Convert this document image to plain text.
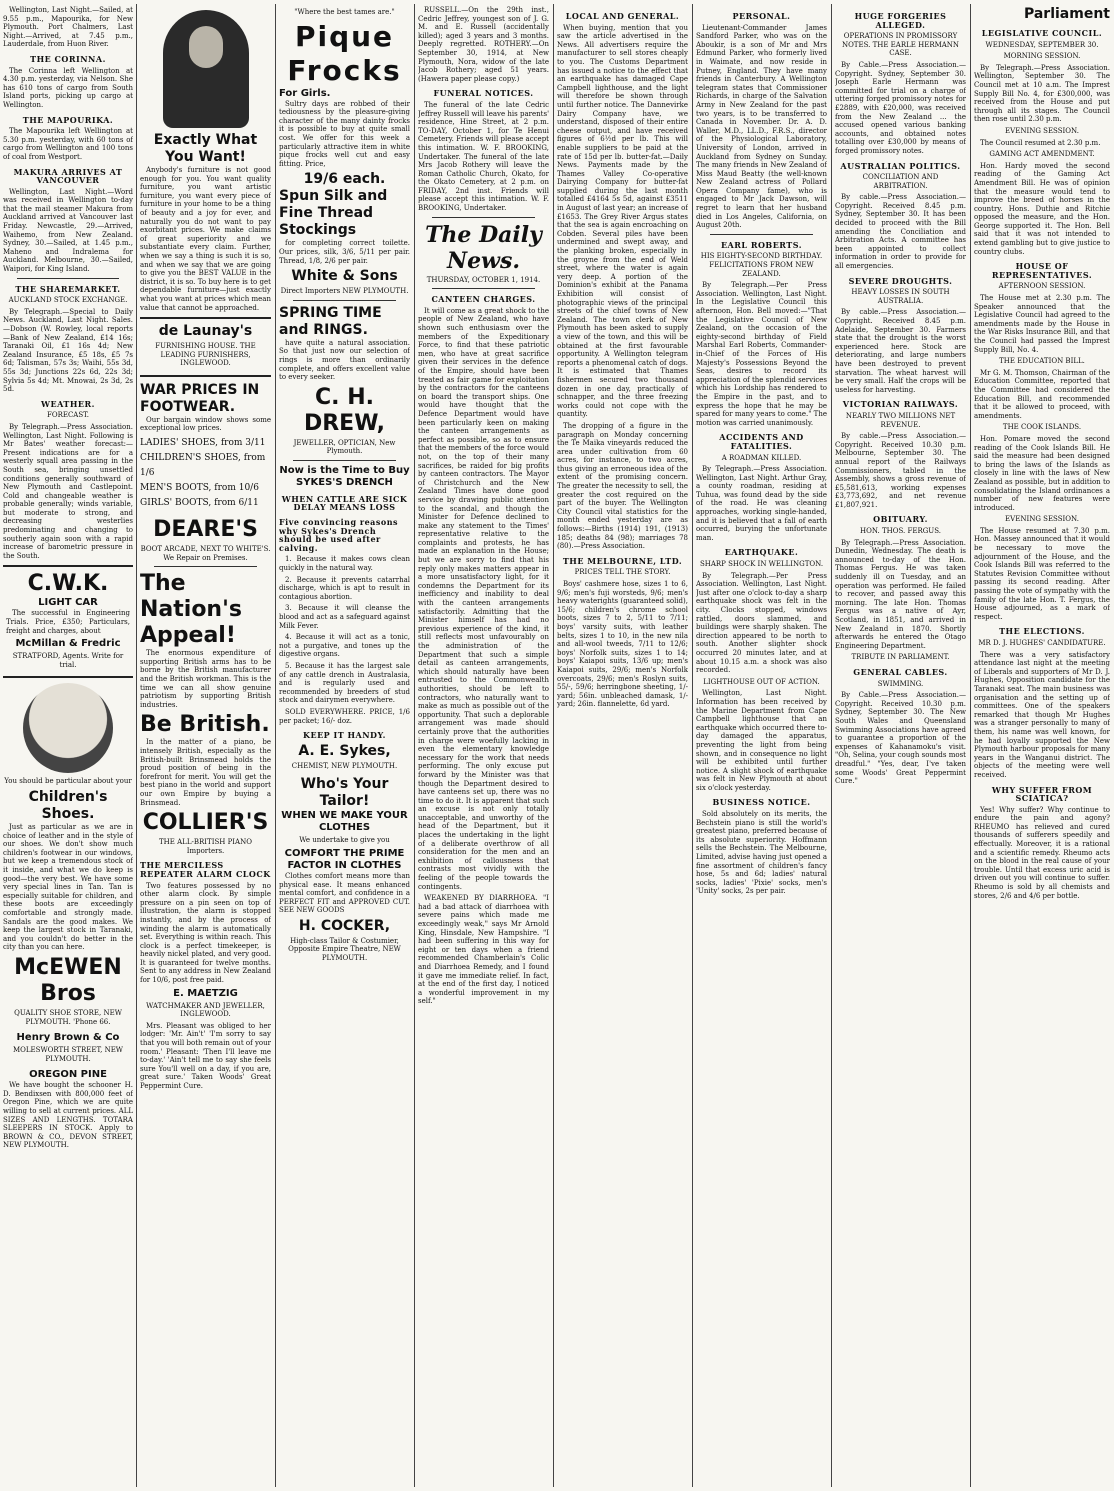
Wellington, Last Night.—Sailed, at 9.55 p.m., Mapourika, for New Plymouth. Port Chalmers, Last Night.—Arrived, at 7.45 p.m., Lauderdale, from Huon River.

THE CORINNA.

The Corinna left Wellington at 4.30 p.m. yesterday, via Nelson. She has 610 tons of cargo from South Island ports, picking up cargo at Wellington.

THE MAPOURIKA.

The Mapourika left Wellington at 5.30 p.m. yesterday, with 60 tons of cargo from Wellington and 100 tons of coal from Westport.

MAKURA ARRIVES AT VANCOUVER

Wellington, Last Night.—Word was received in Wellington to-day that the mail steamer Makura from Auckland arrived at Vancouver last Friday. Newcastle, 29.—Arrived, Waihemo, from New Zealand. Sydney, 30.—Sailed, at 1.45 p.m., Maheno and Indralema for Auckland. Melbourne, 30.—Sailed, Waipori, for King Island.

THE SHAREMARKET.
AUCKLAND STOCK EXCHANGE.

By Telegraph.—Special to Daily News. Auckland, Last Night. Sales.—Dobson (W. Rowley, local reports—Bank of New Zealand, £14 16s; Taranaki Oil, £1 16s 4d; New Zealand Insurance, £5 18s, £5 7s 6d; Talisman, 57s 3s; Waihi, 55s 3d, 55s 3d; Junctions 22s 6d, 22s 3d; Sylvia 5s 4d; Mt. Mnowai, 2s 3d, 2s 5d.

WEATHER.
FORECAST.

By Telegraph.—Press Association. Wellington, Last Night. Following is Mr Bates' weather forecast:— Present indications are for a westerly squall area passing in the South sea, bringing unsettled conditions generally southward of New Plymouth and Castlepoint. Cold and changeable weather is probable generally; winds variable, but moderate to strong, and decreasing westerlies predominating and changing to southerly again soon with a rapid increase of barometric pressure in the South.

C.W.K.
LIGHT CAR

The successful in Engineering Trials. Price, £350; Particulars, freight and charges, about

McMillan & Fredric
STRATFORD, Agents. Write for trial.
You should be particular about your
Children's Shoes.

Just as particular as we are in choice of leather and in the style of our shoes. We don't show much children's footwear in our windows, but we keep a tremendous stock of it inside, and what we do keep is good—the very best. We have some very special lines in Tan. Tan is especially suitable for children, and these boots are exceedingly comfortable and strongly made. Sandals are the good makes. We keep the largest stock in Taranaki, and you couldn't do better in the city than you can here.

McEWEN Bros
QUALITY SHOE STORE, NEW PLYMOUTH. 'Phone 66.
Henry Brown & Co
MOLESWORTH STREET, NEW PLYMOUTH.
OREGON PINE

We have bought the schooner H. D. Bendixsen with 800,000 feet of Oregon Pine, which we are quite willing to sell at current prices. ALL SIZES AND LENGTHS. TOTARA SLEEPERS IN STOCK. Apply to BROWN & CO., DEVON STREET, NEW PLYMOUTH.

Exactly What You Want!

Anybody's furniture is not good enough for you. You want quality furniture, you want artistic furniture, you want every piece of furniture in your home to be a thing of beauty and a joy for ever, and naturally you do not want to pay exorbitant prices. We make claims of great superiority and we substantiate every claim. Further, when we say a thing is such it is so, and when we say that we are going to give you the BEST VALUE in the district, it is so. To buy here is to get dependable furniture—just exactly what you want at prices which mean value that cannot be approached.

de Launay's
FURNISHING HOUSE. THE LEADING FURNISHERS, INGLEWOOD.
WAR PRICES IN FOOTWEAR.

Our bargain window shows some exceptional low prices.

LADIES' SHOES, from 3/11
CHILDREN'S SHOES, from 1/6
MEN'S BOOTS, from 10/6
GIRLS' BOOTS, from 6/11
DEARE'S
BOOT ARCADE, NEXT TO WHITE'S. We Repair on Premises.
The Nation's Appeal!

The enormous expenditure of supporting British arms has to be borne by the British manufacturer and the British workman. This is the time we can all show genuine patriotism by supporting British industries.

Be British.

In the matter of a piano, be intensely British, especially as the British-built Brinsmead holds the proud position of being in the forefront for merit. You will get the best piano in the world and support our own Empire by buying a Brinsmead.

COLLIER'S
THE ALL-BRITISH PIANO Importers.
THE MERCILESS REPEATER ALARM CLOCK

Two features possessed by no other alarm clock. By simple pressure on a pin seen on top of illustration, the alarm is stopped instantly, and by the process of winding the alarm is automatically set. Everything is within reach. This clock is a perfect timekeeper, is heavily nickel plated, and very good. It is guaranteed for twelve months. Sent to any address in New Zealand for 10/6, post free paid.

E. MAETZIG
WATCHMAKER AND JEWELLER, INGLEWOOD.

Mrs. Pleasant was obliged to her lodger: 'Mr. Ain't' 'I'm sorry to say that you will both remain out of your room.' Pleasant: 'Then I'll leave me to-day.' 'Ain't tell me to say she feels sure You'll well on a day, if you are, great sure.' Taken Woods' Great Peppermint Cure.

"Where the best tames are."
Pique Frocks
For Girls.

Sultry days are robbed of their tediousness by the pleasure-giving character of the many dainty frocks it is possible to buy at quite small cost. We offer for this week a particularly attractive item in white pique frocks well cut and easy fitting. Price,

19/6 each.
Spun Silk and Fine Thread Stockings

for completing correct toilette. Our prices, silk, 3/6, 5/11 per pair. Thread, 1/8, 2/6 per pair.

White & Sons
Direct Importers NEW PLYMOUTH.
SPRING TIME and RINGS.

have quite a natural association. So that just now our selection of rings is more than ordinarily complete, and offers excellent value to every seeker.

C. H. DREW,
JEWELLER, OPTICIAN, New Plymouth.
Now is the Time to Buy SYKES'S DRENCH
WHEN CATTLE ARE SICK DELAY MEANS LOSS
Five convincing reasons why Sykes's Drench should be used after calving.

1. Because it makes cows clean quickly in the natural way.

2. Because it prevents catarrhal discharge, which is apt to result in contagious abortion.

3. Because it will cleanse the blood and act as a safeguard against Milk Fever.

4. Because it will act as a tonic, not a purgative, and tones up the digestive organs.

5. Because it has the largest sale of any cattle drench in Australasia, and is regularly used and recommended by breeders of stud stock and dairymen everywhere.

SOLD EVERYWHERE. PRICE, 1/6 per packet; 16/- doz.

KEEP IT HANDY.
A. E. Sykes,
CHEMIST, NEW PLYMOUTH.
Who's Your Tailor!
WHEN WE MAKE YOUR CLOTHES
We undertake to give you
COMFORT THE PRIME FACTOR IN CLOTHES

Clothes comfort means more than physical ease. It means enhanced mental comfort, and confidence in a PERFECT FIT and APPROVED CUT. SEE NEW GOODS

H. COCKER,
High-class Tailor & Costumier, Opposite Empire Theatre, NEW PLYMOUTH.

RUSSELL.—On the 29th inst., Cedric Jeffrey, youngest son of J. G. M. and E. Russell (accidentally killed); aged 3 years and 3 months. Deeply regretted. ROTHERY.—On September 30, 1914, at New Plymouth, Nora, widow of the late Jacob Rothery; aged 51 years. (Hawera paper please copy.)

FUNERAL NOTICES.

The funeral of the late Cedric Jeffrey Russell will leave his parents' residence, Hine Street, at 2 p.m. TO-DAY, October 1, for Te Henui Cemetery. Friends will please accept this intimation. W. F. BROOKING, Undertaker. The funeral of the late Mrs Jacob Rothery will leave the Roman Catholic Church, Okato, for the Okato Cemetery, at 2 p.m. on FRIDAY, 2nd inst. Friends will please accept this intimation. W. F. BROOKING, Undertaker.

The Daily News.
THURSDAY, OCTOBER 1, 1914.
CANTEEN CHARGES.

It will come as a great shock to the people of New Zealand, who have shown such enthusiasm over the members of the Expeditionary Force, to find that these patriotic men, who have at great sacrifice given their services in the defence of the Empire, should have been treated as fair game for exploitation by the contractors for the canteens on board the transport ships. One would have thought that the Defence Department would have been particularly keen on making the canteen arrangements as perfect as possible, so as to ensure that the members of the force would not, on the top of their many sacrifices, be raided for big profits by canteen contractors. The Mayor of Christchurch and the New Zealand Times have done good service by drawing public attention to the scandal, and though the Minister for Defence declined to make any statement to the Times' representative relative to the complaints and protests, he has made an explanation in the House; but we are sorry to find that his reply only makes matters appear in a more unsatisfactory light, for it condemns the Department for its inefficiency and inability to deal with the canteen arrangements satisfactorily. Admitting that the Minister himself has had no previous experience of the kind, it still reflects most unfavourably on the administration of the Department that such a simple detail as canteen arrangements, which should naturally have been entrusted to the Commonwealth authorities, should be left to contractors, who naturally want to make as much as possible out of the opportunity. That such a deplorable arrangement was made should certainly prove that the authorities in charge were woefully lacking in even the elementary knowledge necessary for the work that needs performing. The only excuse put forward by the Minister was that though the Department desired to have canteens set up, there was no time to do it. It is apparent that such an excuse is not only totally unacceptable, and unworthy of the head of the Department, but it places the undertaking in the light of a deliberate overthrow of all consideration for the men and an exhibition of callousness that contrasts most vividly with the feeling of the people towards the contingents.

WEAKENED BY DIARRHOEA. "I had a bad attack of diarrhoea with severe pains which made me exceedingly weak," says Mr Arnold King, Hinsdale, New Hampshire. "I had been suffering in this way for eight or ten days when a friend recommended Chamberlain's Colic and Diarrhoea Remedy, and I found it gave me immediate relief. In fact, at the end of the first day, I noticed a wonderful improvement in my self."

LOCAL AND GENERAL.

When buying, mention that you saw the article advertised in the News. All advertisers require the manufacturer to sell stores cheaply to you. The Customs Department has issued a notice to the effect that an earthquake has damaged Cape Campbell lighthouse, and the light will therefore be shown through until further notice. The Dannevirke Dairy Company have, we understand, disposed of their entire cheese output, and have received figures of 6½d per lb. This will enable suppliers to be paid at the rate of 15d per lb. butter-fat.—Daily News. Payments made by the Thames Valley Co-operative Dairying Company for butter-fat supplied during the last month totalled £4164 5s 5d, against £3511 in August of last year; an increase of £1653. The Grey River Argus states that the sea is again encroaching on Cobden. Several piles have been undermined and swept away, and the planking broken, especially in the groyne from the end of Weld street, where the water is again very deep. A portion of the Dominion's exhibit at the Panama Exhibition will consist of photographic views of the principal streets of the chief towns of New Zealand. The town clerk of New Plymouth has been asked to supply a view of the town, and this will be obtained at the first favourable opportunity. A Wellington telegram reports a phenomenal catch of dogs. It is estimated that Thames fishermen secured two thousand dozen in one day, practically of schnapper, and the three freezing works could not cope with the quantity.

The dropping of a figure in the paragraph on Monday concerning the Te Maika vineyards reduced the area under cultivation from 60 acres, for instance, to two acres, thus giving an erroneous idea of the extent of the promising concern. The greater the necessity to sell, the greater the cost required on the part of the buyer. The Wellington City Council vital statistics for the month ended yesterday are as follows:—Births (1914) 191, (1913) 185; deaths 84 (98); marriages 78 (80).—Press Association.

THE MELBOURNE, LTD.
PRICES TELL THE STORY.

Boys' cashmere hose, sizes 1 to 6, 9/6; men's fuji worsteds, 9/6; men's heavy waterights (guaranteed solid), 15/6; children's chrome school boots, sizes 7 to 2, 5/11 to 7/11; boys' varsity suits, with leather belts, sizes 1 to 10, in the new nila and all-wool tweeds, 7/11 to 12/6; boys' Norfolk suits, sizes 1 to 14; boys' Kaiapoi suits, 13/6 up; men's Kaiapoi suits, 29/6; men's Norfolk overcoats, 29/6; men's Roslyn suits, 55/-, 59/6; herringbone sheeting, 1/- yard; 56in. unbleached damask, 1/- yard; 26in. flannelette, 6d yard.

PERSONAL.

Lieutenant-Commander James Sandford Parker, who was on the Aboukir, is a son of Mr and Mrs Edmund Parker, who formerly lived in Waimate, and now reside in Putney, England. They have many friends in Canterbury. A Wellington telegram states that Commissioner Richards, in charge of the Salvation Army in New Zealand for the past two years, is to be transferred to Canada in November. Dr. A. D. Waller, M.D., LL.D., F.R.S., director of the Physiological Laboratory, University of London, arrived in Auckland from Sydney on Sunday. The many friends in New Zealand of Miss Maud Beatty (the well-known New Zealand actress of Pollard Opera Company fame), who is engaged to Mr Jack Dawson, will regret to learn that her husband died in Los Angeles, California, on August 20th.

EARL ROBERTS.
HIS EIGHTY-SECOND BIRTHDAY. FELICITATIONS FROM NEW ZEALAND.

By Telegraph.—Per Press Association. Wellington, Last Night. In the Legislative Council this afternoon, Hon. Bell moved:—"That the Legislative Council of New Zealand, on the occasion of the eighty-second birthday of Field Marshal Earl Roberts, Commander-in-Chief of the Forces of His Majesty's Possessions Beyond the Seas, desires to record its appreciation of the splendid services which his Lordship has rendered to the Empire in the past, and to express the hope that he may be spared for many years to come." The motion was carried unanimously.

ACCIDENTS AND FATALITIES.
A ROADMAN KILLED.

By Telegraph.—Press Association. Wellington, Last Night. Arthur Gray, a county roadman, residing at Tuhua, was found dead by the side of the road. He was cleaning approaches, working single-handed, and it is believed that a fall of earth occurred, burying the unfortunate man.

EARTHQUAKE.
SHARP SHOCK IN WELLINGTON.

By Telegraph.—Per Press Association. Wellington, Last Night. Just after one o'clock to-day a sharp earthquake shock was felt in the city. Clocks stopped, windows rattled, doors slammed, and buildings were sharply shaken. The direction appeared to be north to south. Another slighter shock occurred 20 minutes later, and at about 10.15 a.m. a shock was also recorded.

LIGHTHOUSE OUT OF ACTION.

Wellington, Last Night. Information has been received by the Marine Department from Cape Campbell lighthouse that an earthquake which occurred there to-day damaged the apparatus, preventing the light from being shown, and in consequence no light will be exhibited until further notice. A slight shock of earthquake was felt in New Plymouth at about six o'clock yesterday.

BUSINESS NOTICE.

Sold absolutely on its merits, the Bechstein piano is still the world's greatest piano, preferred because of its absolute superiority. Hoffmann sells the Bechstein. The Melbourne, Limited, advise having just opened a fine assortment of children's fancy hose, 5s and 6d; ladies' natural socks, ladies' 'Pixie' socks, men's 'Unity' socks, 2s per pair.

HUGE FORGERIES ALLEGED.
OPERATIONS IN PROMISSORY NOTES. THE EARLE HERMANN CASE.

By Cable.—Press Association.—Copyright. Sydney, September 30. Joseph Earle Hermann was committed for trial on a charge of uttering forged promissory notes for £2889, with £20,000, was received from the New Zealand ... the accused opened various banking accounts, and obtained notes totalling over £30,000 by means of forged promissory notes.

AUSTRALIAN POLITICS.
CONCILIATION AND ARBITRATION.

By cable.—Press Association.—Copyright. Received 8.45 p.m. Sydney, September 30. It has been decided to proceed with the Bill amending the Conciliation and Arbitration Acts. A committee has been appointed to collect information in order to provide for all emergencies.

SEVERE DROUGHTS.
HEAVY LOSSES IN SOUTH AUSTRALIA.

By cable.—Press Association.—Copyright. Received 8.45 p.m. Adelaide, September 30. Farmers state that the drought is the worst experienced here. Stock are deteriorating, and large numbers have been destroyed to prevent starvation. The wheat harvest will be very small. Half the crops will be useless for harvesting.

VICTORIAN RAILWAYS.
NEARLY TWO MILLIONS NET REVENUE.

By cable.—Press Association.—Copyright. Received 10.30 p.m. Melbourne, September 30. The annual report of the Railways Commissioners, tabled in the Assembly, shows a gross revenue of £5,581,613, working expenses £3,773,692, and net revenue £1,807,921.

OBITUARY.
HON. THOS. FERGUS.

By Telegraph.—Press Association. Dunedin, Wednesday. The death is announced to-day of the Hon. Thomas Fergus. He was taken suddenly ill on Tuesday, and an operation was performed. He failed to recover, and passed away this morning. The late Hon. Thomas Fergus was a native of Ayr, Scotland, in 1851, and arrived in New Zealand in 1870. Shortly afterwards he entered the Otago Engineering Department.

TRIBUTE IN PARLIAMENT.
GENERAL CABLES.
SWIMMING.

By Cable.—Press Association.—Copyright. Received 10.30 p.m. Sydney, September 30. The New South Wales and Queensland Swimming Associations have agreed to guarantee a proportion of the expenses of Kahanamoku's visit. "Oh, Selina, your cough sounds most dreadful." "Yes, dear, I've taken some Woods' Great Peppermint Cure."

Parliament
LEGISLATIVE COUNCIL.
WEDNESDAY, SEPTEMBER 30.
MORNING SESSION.

By Telegraph.—Press Association. Wellington, September 30. The Council met at 10 a.m. The Imprest Supply Bill No. 4, for £300,000, was received from the House and put through all its stages. The Council then rose until 2.30 p.m.

EVENING SESSION.

The Council resumed at 2.30 p.m.

GAMING ACT AMENDMENT.

Hon. Hardy moved the second reading of the Gaming Act Amendment Bill. He was of opinion that the measure would tend to improve the breed of horses in the country. Hons. Duthie and Ritchie opposed the measure, and the Hon. George supported it. The Hon. Bell said that it was not intended to extend gambling but to give justice to country clubs.

HOUSE OF REPRESENTATIVES.
AFTERNOON SESSION.

The House met at 2.30 p.m. The Speaker announced that the Legislative Council had agreed to the amendments made by the House in the War Risks Insurance Bill, and that the Council had passed the Imprest Supply Bill, No. 4.

THE EDUCATION BILL.

Mr G. M. Thomson, Chairman of the Education Committee, reported that the Committee had considered the Education Bill, and recommended that it be allowed to proceed, with amendments.

THE COOK ISLANDS.

Hon. Pomare moved the second reading of the Cook Islands Bill. He said the measure had been designed to bring the laws of the Islands as closely in line with the laws of New Zealand as possible, but in addition to consolidating the Island ordinances a number of new features were introduced.

EVENING SESSION.

The House resumed at 7.30 p.m. Hon. Massey announced that it would be necessary to move the adjournment of the House, and the Cook Islands Bill was referred to the Statutes Revision Committee without passing its second reading. After passing the vote of sympathy with the family of the late Hon. T. Fergus, the House adjourned, as a mark of respect.

THE ELECTIONS.
MR D. J. HUGHES' CANDIDATURE.

There was a very satisfactory attendance last night at the meeting of Liberals and supporters of Mr D. J. Hughes, Opposition candidate for the Taranaki seat. The main business was organisation and the setting up of committees. One of the speakers remarked that though Mr Hughes was a stranger personally to many of them, his name was well known, for he had loyally supported the New Plymouth harbour proposals for many years in the Wanganui district. The objects of the meeting were well received.

WHY SUFFER FROM SCIATICA?

Yes! Why suffer? Why continue to endure the pain and agony? RHEUMO has relieved and cured thousands of sufferers speedily and effectually. Moreover, it is a rational and a scientific remedy. Rheumo acts on the blood in the real cause of your trouble. Until that excess uric acid is driven out you will continue to suffer. Rheumo is sold by all chemists and stores, 2/6 and 4/6 per bottle.
